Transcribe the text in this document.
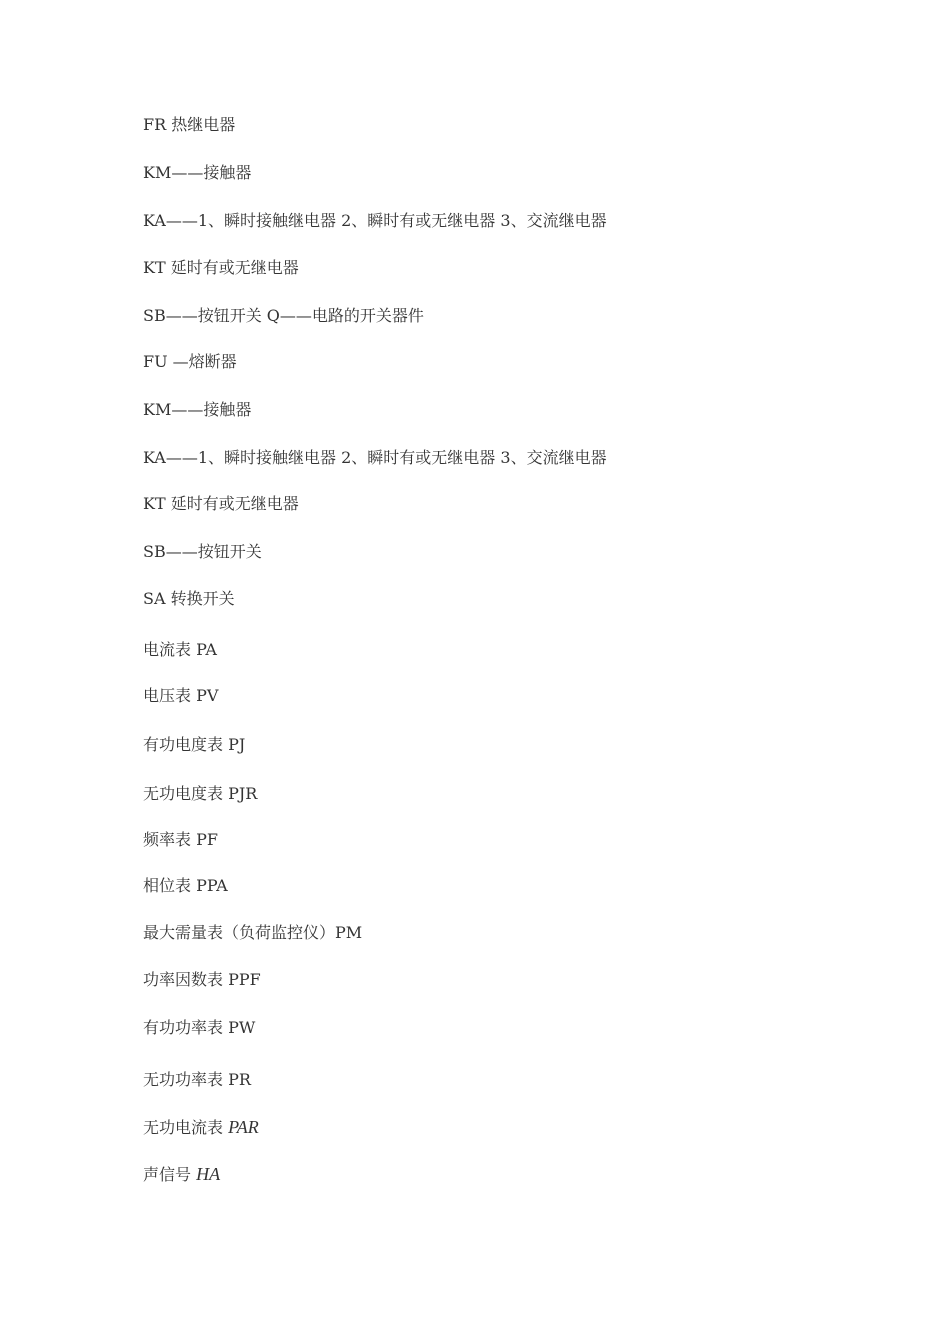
FR 热继电器
KM——接触器
KA——1、瞬时接触继电器 2、瞬时有或无继电器 3、交流继电器
KT 延时有或无继电器
SB——按钮开关 Q——电路的开关器件
FU —熔断器
KM——接触器
KA——1、瞬时接触继电器 2、瞬时有或无继电器 3、交流继电器
KT 延时有或无继电器
SB——按钮开关
SA 转换开关
电流表 PA
电压表 PV
有功电度表 PJ
无功电度表 PJR
频率表 PF
相位表 PPA
最大需量表（负荷监控仪）PM
功率因数表 PPF
有功功率表 PW
无功功率表 PR
无功电流表 PAR
声信号 HA
